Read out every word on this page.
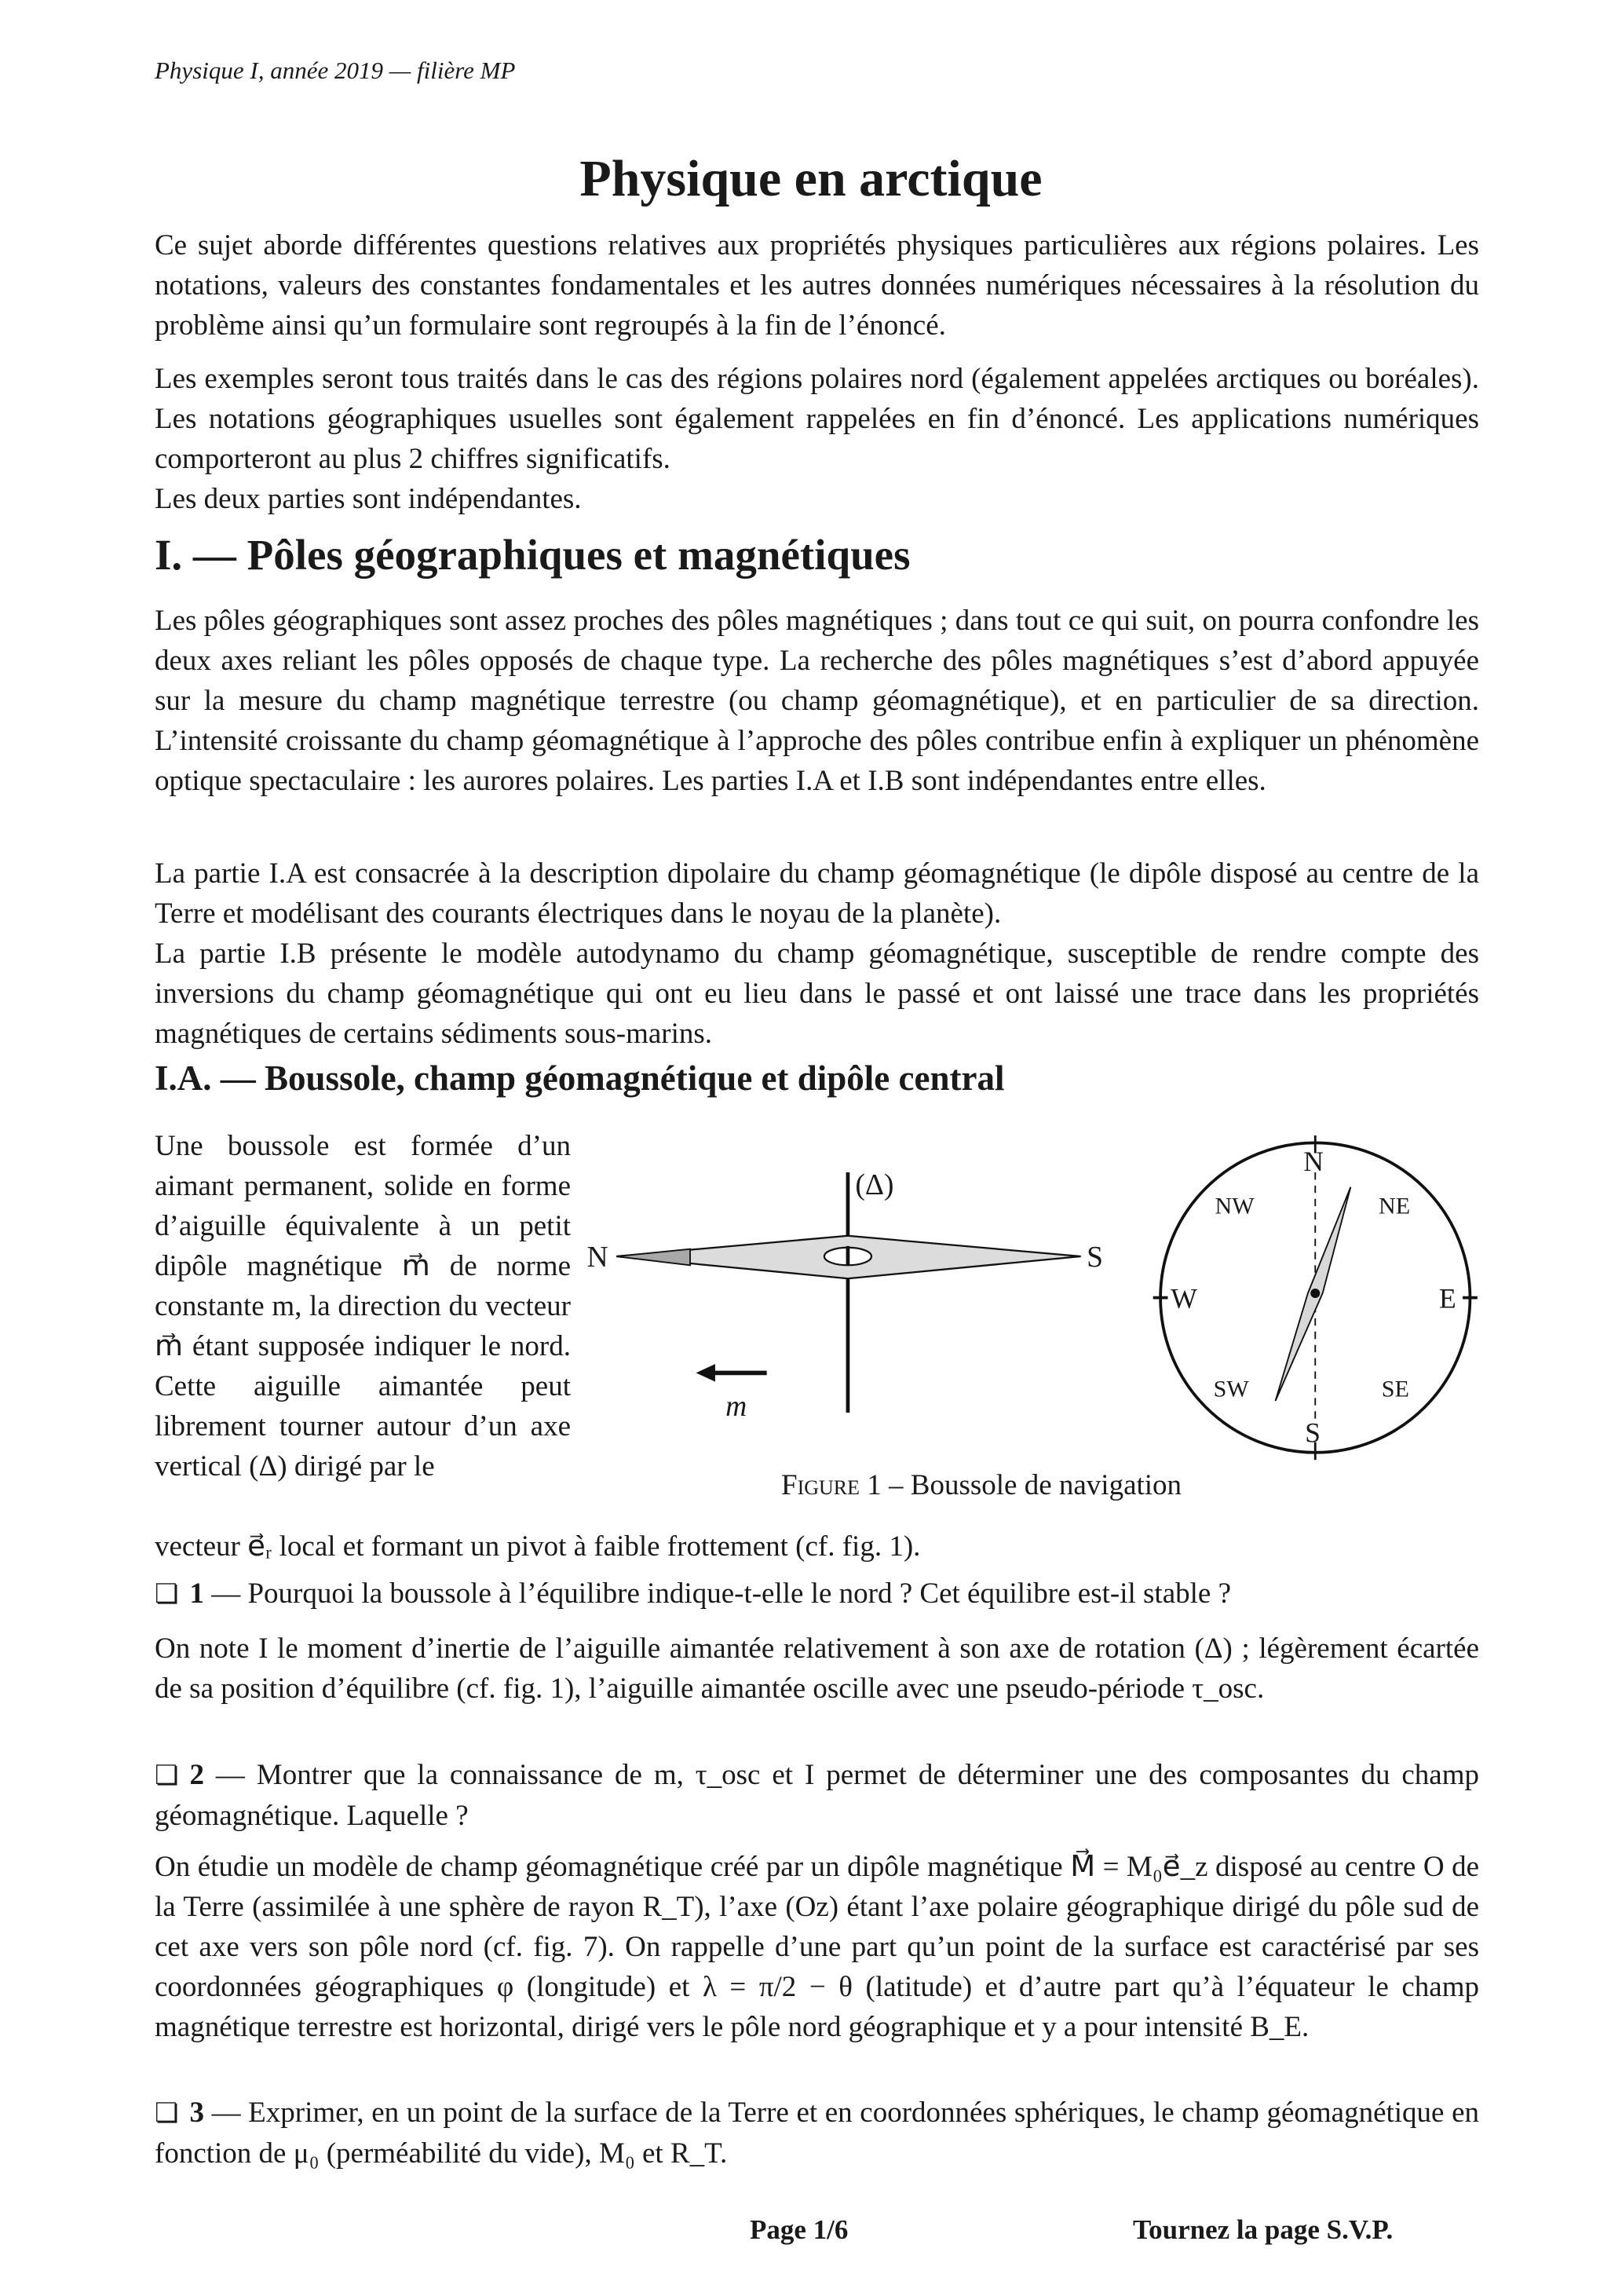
Physique I, année 2019 — filière MP
Physique en arctique

Ce sujet aborde différentes questions relatives aux propriétés physiques particulières aux régions polaires. Les notations, valeurs des constantes fondamentales et les autres données numériques nécessaires à la résolution du problème ainsi qu’un formulaire sont regroupés à la fin de l’énoncé.

Les exemples seront tous traités dans le cas des régions polaires nord (également appelées arctiques ou boréales). Les notations géographiques usuelles sont également rappelées en fin d’énoncé. Les applications numériques comporteront au plus 2 chiffres significatifs.

Les deux parties sont indépendantes.

I. — Pôles géographiques et magnétiques

Les pôles géographiques sont assez proches des pôles magnétiques ; dans tout ce qui suit, on pourra confondre les deux axes reliant les pôles opposés de chaque type. La recherche des pôles magnétiques s’est d’abord appuyée sur la mesure du champ magnétique terrestre (ou champ géomagnétique), et en particulier de sa direction. L’intensité croissante du champ géomagnétique à l’approche des pôles contribue enfin à expliquer un phénomène optique spectaculaire : les aurores polaires. Les parties I.A et I.B sont indépendantes entre elles.

La partie I.A est consacrée à la description dipolaire du champ géomagnétique (le dipôle disposé au centre de la Terre et modélisant des courants électriques dans le noyau de la planète).

La partie I.B présente le modèle autodynamo du champ géomagnétique, susceptible de rendre compte des inversions du champ géomagnétique qui ont eu lieu dans le passé et ont laissé une trace dans les propriétés magnétiques de certains sédiments sous-marins.

I.A. — Boussole, champ géomagnétique et dipôle central
Une boussole est formée d’un aimant permanent, solide en forme d’aiguille équivalente à un petit dipôle magnétique m⃗ de norme constante m, la direction du vecteur m⃗ étant supposée indiquer le nord. Cette aiguille aimantée peut librement tourner autour d’un axe vertical (Δ) dirigé par le

vecteur e⃗ᵣ local et formant un pivot à faible frottement (cf. fig. 1).

(Δ)
N	S
m⃗
N
NW	NE
W	E
SW	SE
S
Figure 1 – Boussole de navigation

❏ 1 — Pourquoi la boussole à l’équilibre indique-t-elle le nord ? Cet équilibre est-il stable ?

On note I le moment d’inertie de l’aiguille aimantée relativement à son axe de rotation (Δ) ; légèrement écartée de sa position d’équilibre (cf. fig. 1), l’aiguille aimantée oscille avec une pseudo-période τ_osc.

❏ 2 — Montrer que la connaissance de m, τ_osc et I permet de déterminer une des composantes du champ géomagnétique. Laquelle ?

On étudie un modèle de champ géomagnétique créé par un dipôle magnétique M⃗ = M₀e⃗_z disposé au centre O de la Terre (assimilée à une sphère de rayon R_T), l’axe (Oz) étant l’axe polaire géographique dirigé du pôle sud de cet axe vers son pôle nord (cf. fig. 7). On rappelle d’une part qu’un point de la surface est caractérisé par ses coordonnées géographiques φ (longitude) et λ = π/2 − θ (latitude) et d’autre part qu’à l’équateur le champ magnétique terrestre est horizontal, dirigé vers le pôle nord géographique et y a pour intensité B_E.

❏ 3 — Exprimer, en un point de la surface de la Terre et en coordonnées sphériques, le champ géomagnétique en fonction de μ₀ (perméabilité du vide), M₀ et R_T.

Page 1/6	Tournez la page S.V.P.
